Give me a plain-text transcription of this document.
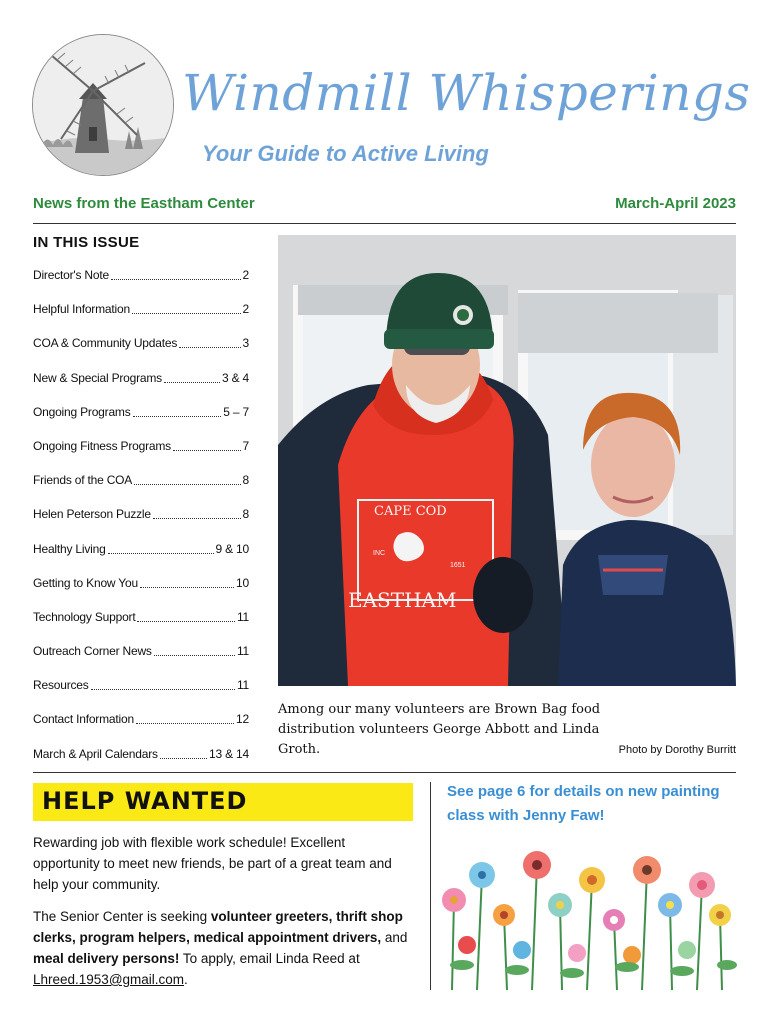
Windmill Whisperings
Your Guide to Active Living
News from the Eastham Center	March-April 2023
IN THIS ISSUE
Director's Note	2
Helpful Information	2
COA & Community Updates	3
New & Special Programs	3 & 4
Ongoing Programs	5 – 7
Ongoing Fitness Programs	7
Friends of the COA	8
Helen Peterson Puzzle	8
Healthy Living	9 & 10
Getting to Know You	10
Technology Support	11
Outreach Corner News	11
Resources	11
Contact Information	12
March & April Calendars	13 & 14
CAPE COD
INC
1651
EASTHAM
Among our many volunteers are Brown Bag food distribution volunteers George Abbott and Linda Groth.	Photo by Dorothy Burritt
HELP WANTED
Rewarding job with flexible work schedule! Excellent opportunity to meet new friends, be part of a great team and help your community.
The Senior Center is seeking volunteer greeters, thrift shop clerks, program helpers, medical appointment drivers, and meal delivery persons! To apply, email Linda Reed at Lhreed.1953@gmail.com.
See page 6 for details on new painting class with Jenny Faw!
